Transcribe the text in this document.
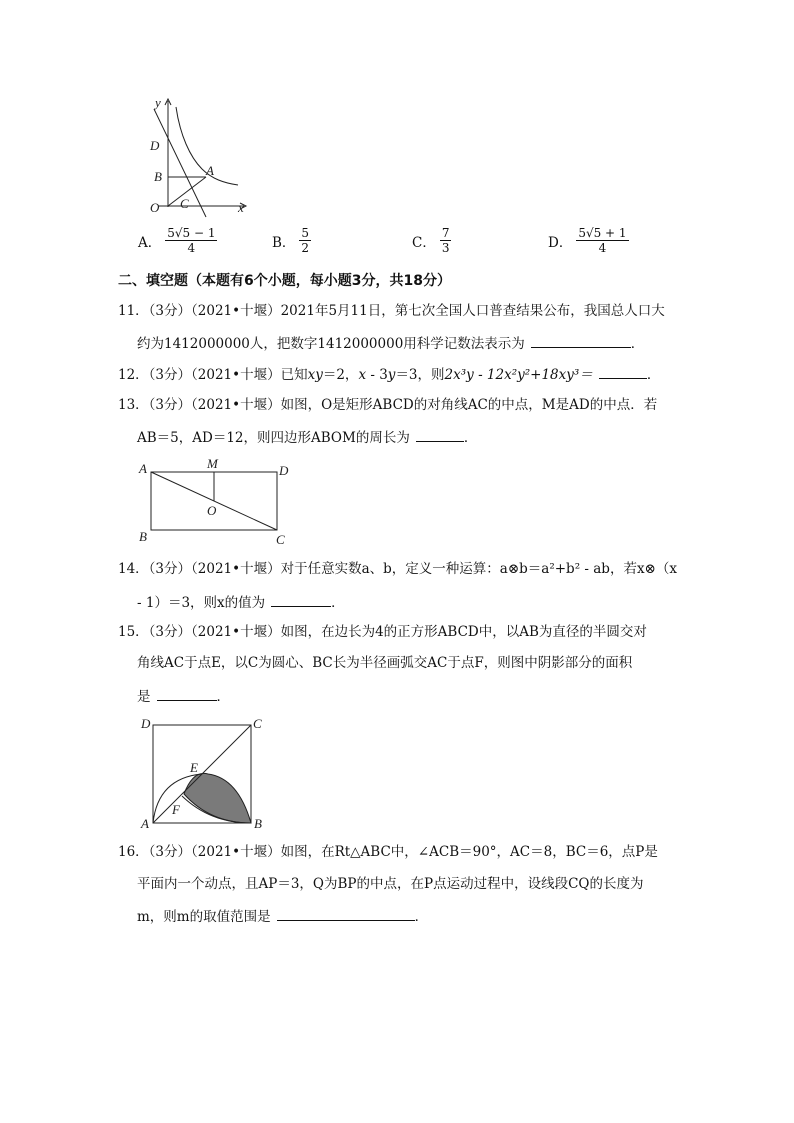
y
D
B	A
O C	x
A． $\frac{5√5 - 1}{4}$	B． $\frac{5}{2}$	C． $\frac{7}{3}$	D． $\frac{5√5 + 1}{4}$
二、填空题（本题有6个小题，每小题3分，共18分）
11．（3分）（2021•十堰）2021年5月11日，第七次全国人口普查结果公布，我国总人口大
约为1412000000人，把数字1412000000用科学记数法表示为	．
12．（3分）（2021•十堰）已知xy＝2，x - 3y＝3，则2x³y - 12x²y²+18xy³＝	．
13．（3分）（2021•十堰）如图，O是矩形ABCD的对角线AC的中点，M是AD的中点．若
AB＝5，AD＝12，则四边形ABOM的周长为	．
A	M	D
B
O
C
14．（3分）（2021•十堰）对于任意实数a、b，定义一种运算：a⊗b＝a²+b² - ab，若x⊗（x
- 1）＝3，则x的值为	．
15．（3分）（2021•十堰）如图，在边长为4的正方形ABCD中，以AB为直径的半圆交对
角线AC于点E，以C为圆心、BC长为半径画弧交AC于点F，则图中阴影部分的面积
是	．
D	C
E
F
A	B
16．（3分）（2021•十堰）如图，在Rt△ABC中，∠ACB＝90°，AC＝8，BC＝6，点P是
平面内一个动点，且AP＝3，Q为BP的中点，在P点运动过程中，设线段CQ的长度为
m，则m的取值范围是	．
